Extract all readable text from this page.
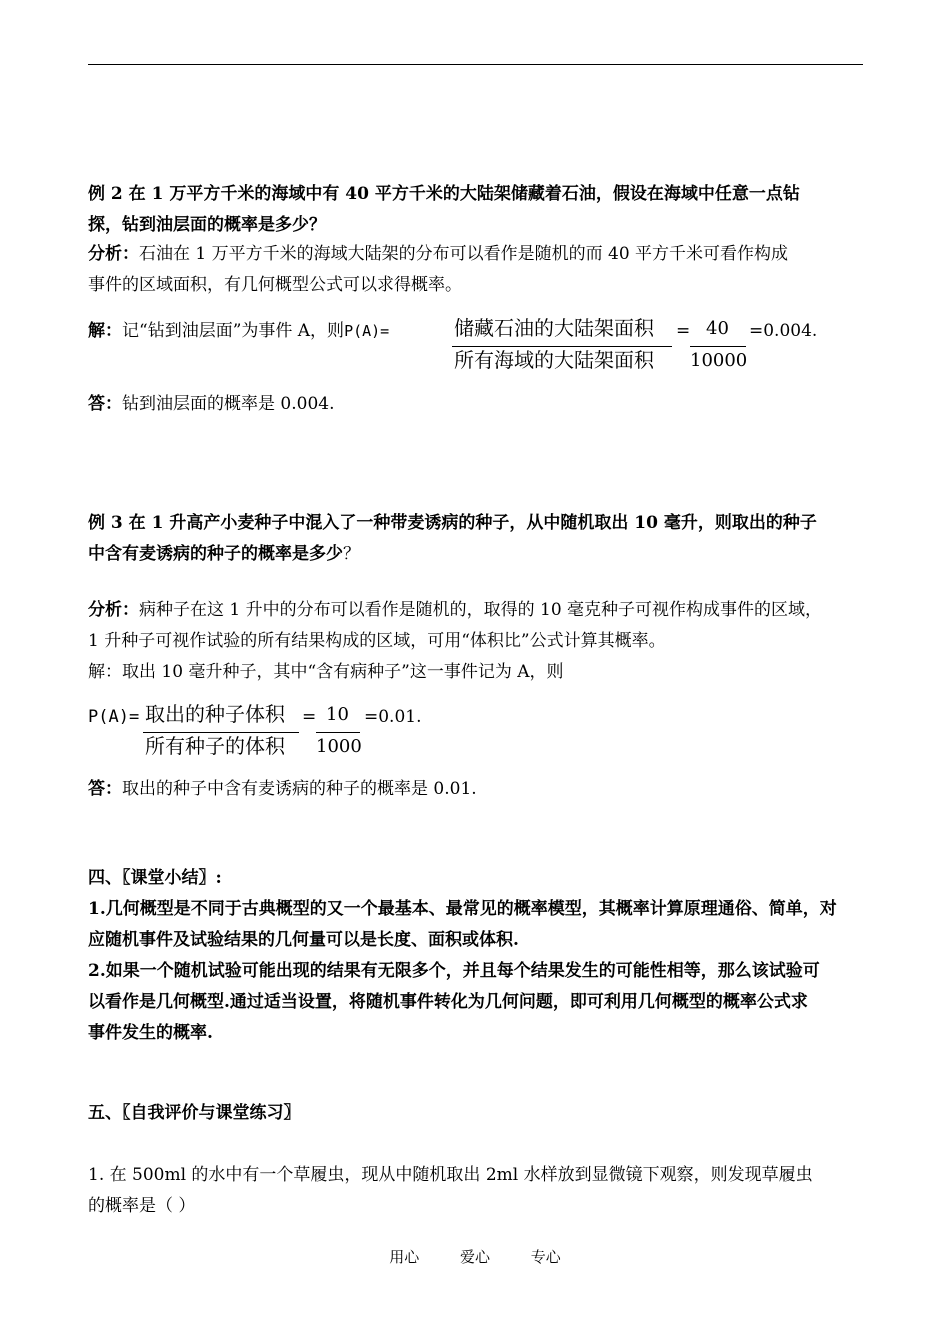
例 2 在 1 万平方千米的海域中有 40 平方千米的大陆架储藏着石油，假设在海域中任意一点钻
探，钻到油层面的概率是多少？
分析：石油在 1 万平方千米的海域大陆架的分布可以看作是随机的而 40 平方千米可看作构成
事件的区域面积，有几何概型公式可以求得概率。
解：记“钻到油层面”为事件 A，则P(A)=	储藏石油的大陆架面积
所有海域的大陆架面积
= 40
10000
=0.004.
答：钻到油层面的概率是 0.004.
例 3 在 1 升高产小麦种子中混入了一种带麦诱病的种子，从中随机取出 10 毫升，则取出的种子
中含有麦诱病的种子的概率是多少？
分析：病种子在这 1 升中的分布可以看作是随机的，取得的 10 毫克种子可视作构成事件的区域，
1 升种子可视作试验的所有结果构成的区域，可用“体积比”公式计算其概率。
解：取出 10 毫升种子，其中“含有病种子”这一事件记为 A，则
P(A)= 取出的种子体积
所有种子的体积
= 10
1000
=0.01.
答：取出的种子中含有麦诱病的种子的概率是 0.01.
四、〖课堂小结〗:
1.几何概型是不同于古典概型的又一个最基本、最常见的概率模型，其概率计算原理通俗、简单，对
应随机事件及试验结果的几何量可以是长度、面积或体积.
2.如果一个随机试验可能出现的结果有无限多个，并且每个结果发生的可能性相等，那么该试验可
以看作是几何概型.通过适当设置，将随机事件转化为几何问题，即可利用几何概型的概率公式求
事件发生的概率.
五、〖自我评价与课堂练习〗
1. 在 500ml 的水中有一个草履虫，现从中随机取出 2ml 水样放到显微镜下观察，则发现草履虫
的概率是（ ）
用心	爱心	专心
